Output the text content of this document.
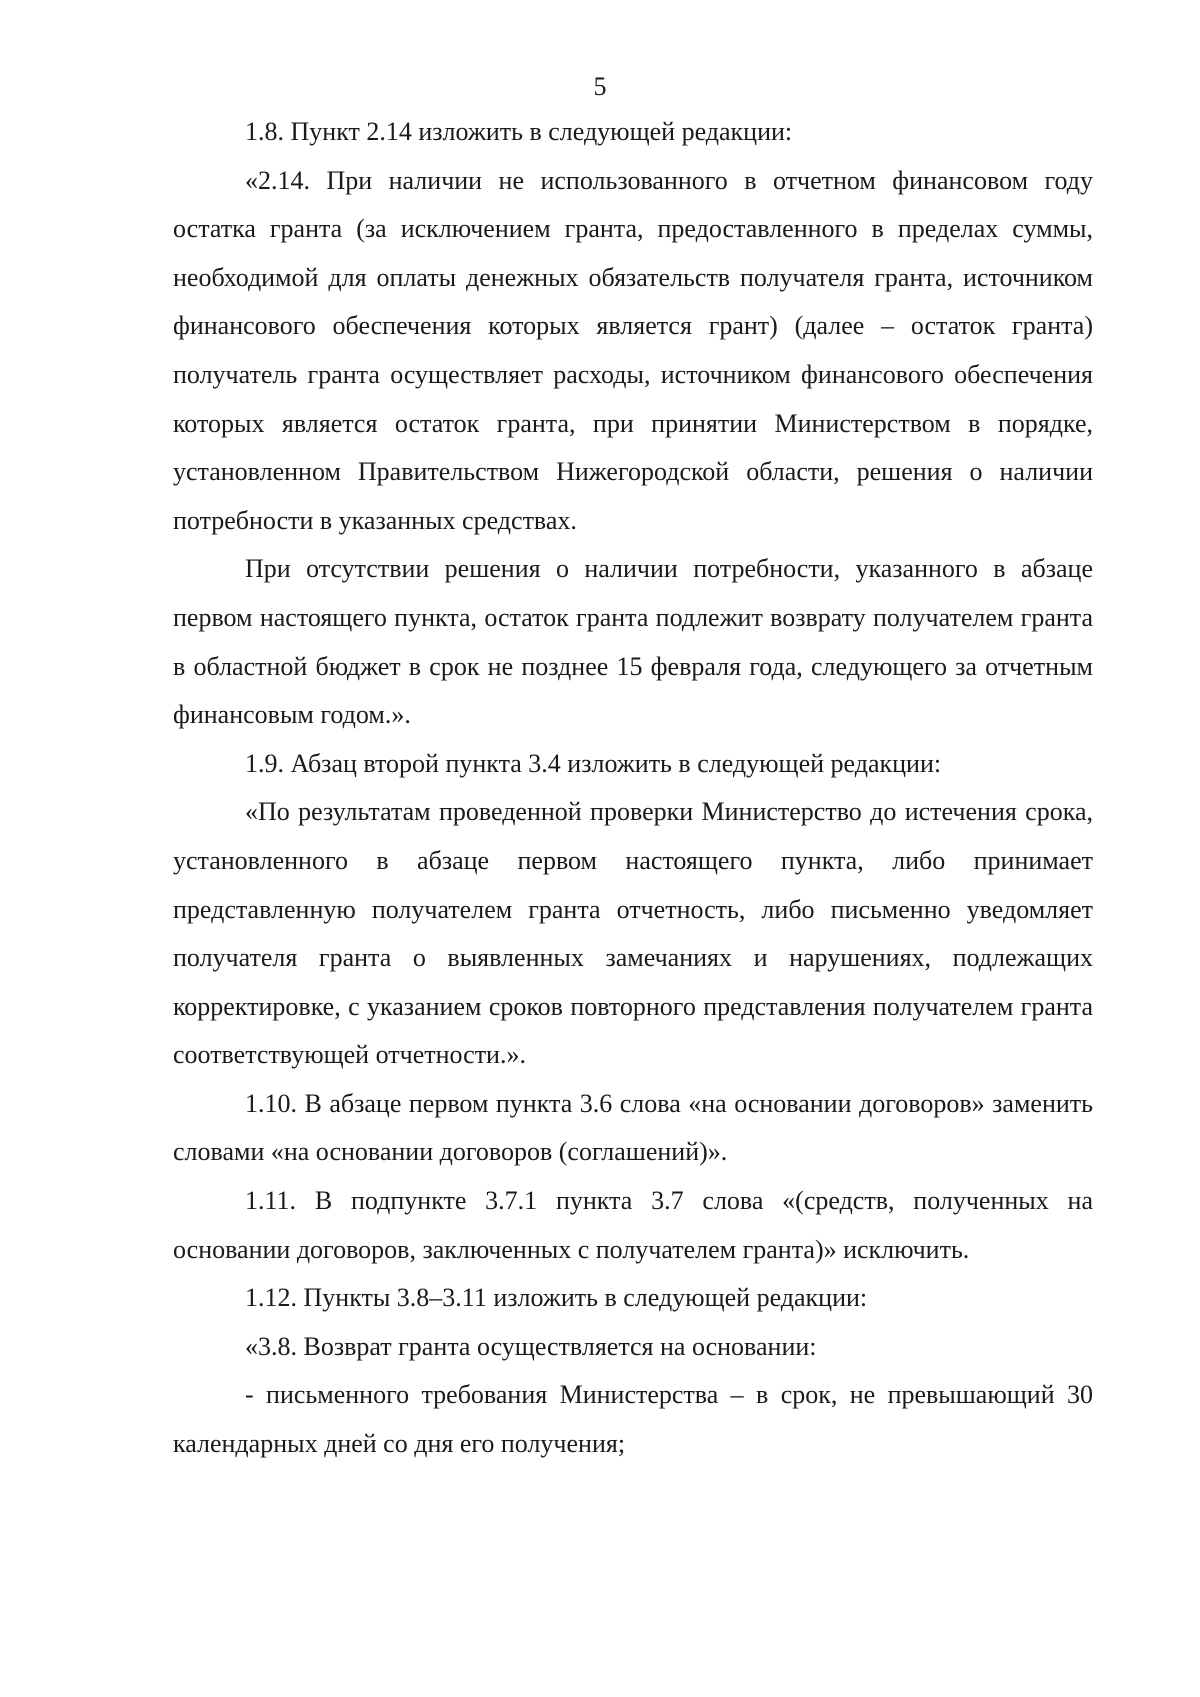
5

1.8. Пункт 2.14 изложить в следующей редакции:

«2.14. При наличии не использованного в отчетном финансовом году остатка гранта (за исключением гранта, предоставленного в пределах суммы, необходимой для оплаты денежных обязательств получателя гранта, источником финансового обеспечения которых является грант) (далее – остаток гранта) получатель гранта осуществляет расходы, источником финансового обеспечения которых является остаток гранта, при принятии Министерством в порядке, установленном Правительством Нижегородской области, решения о наличии потребности в указанных средствах.

При отсутствии решения о наличии потребности, указанного в абзаце первом настоящего пункта, остаток гранта подлежит возврату получателем гранта в областной бюджет в срок не позднее 15 февраля года, следующего за отчетным финансовым годом.».

1.9. Абзац второй пункта 3.4 изложить в следующей редакции:

«По результатам проведенной проверки Министерство до истечения срока, установленного в абзаце первом настоящего пункта, либо принимает представленную получателем гранта отчетность, либо письменно уведомляет получателя гранта о выявленных замечаниях и нарушениях, подлежащих корректировке, с указанием сроков повторного представления получателем гранта соответствующей отчетности.».

1.10. В абзаце первом пункта 3.6 слова «на основании договоров» заменить словами «на основании договоров (соглашений)».

1.11. В подпункте 3.7.1 пункта 3.7 слова «(средств, полученных на основании договоров, заключенных с получателем гранта)» исключить.

1.12. Пункты 3.8–3.11 изложить в следующей редакции:

«3.8. Возврат гранта осуществляется на основании:

- письменного требования Министерства – в срок, не превышающий 30 календарных дней со дня его получения;
